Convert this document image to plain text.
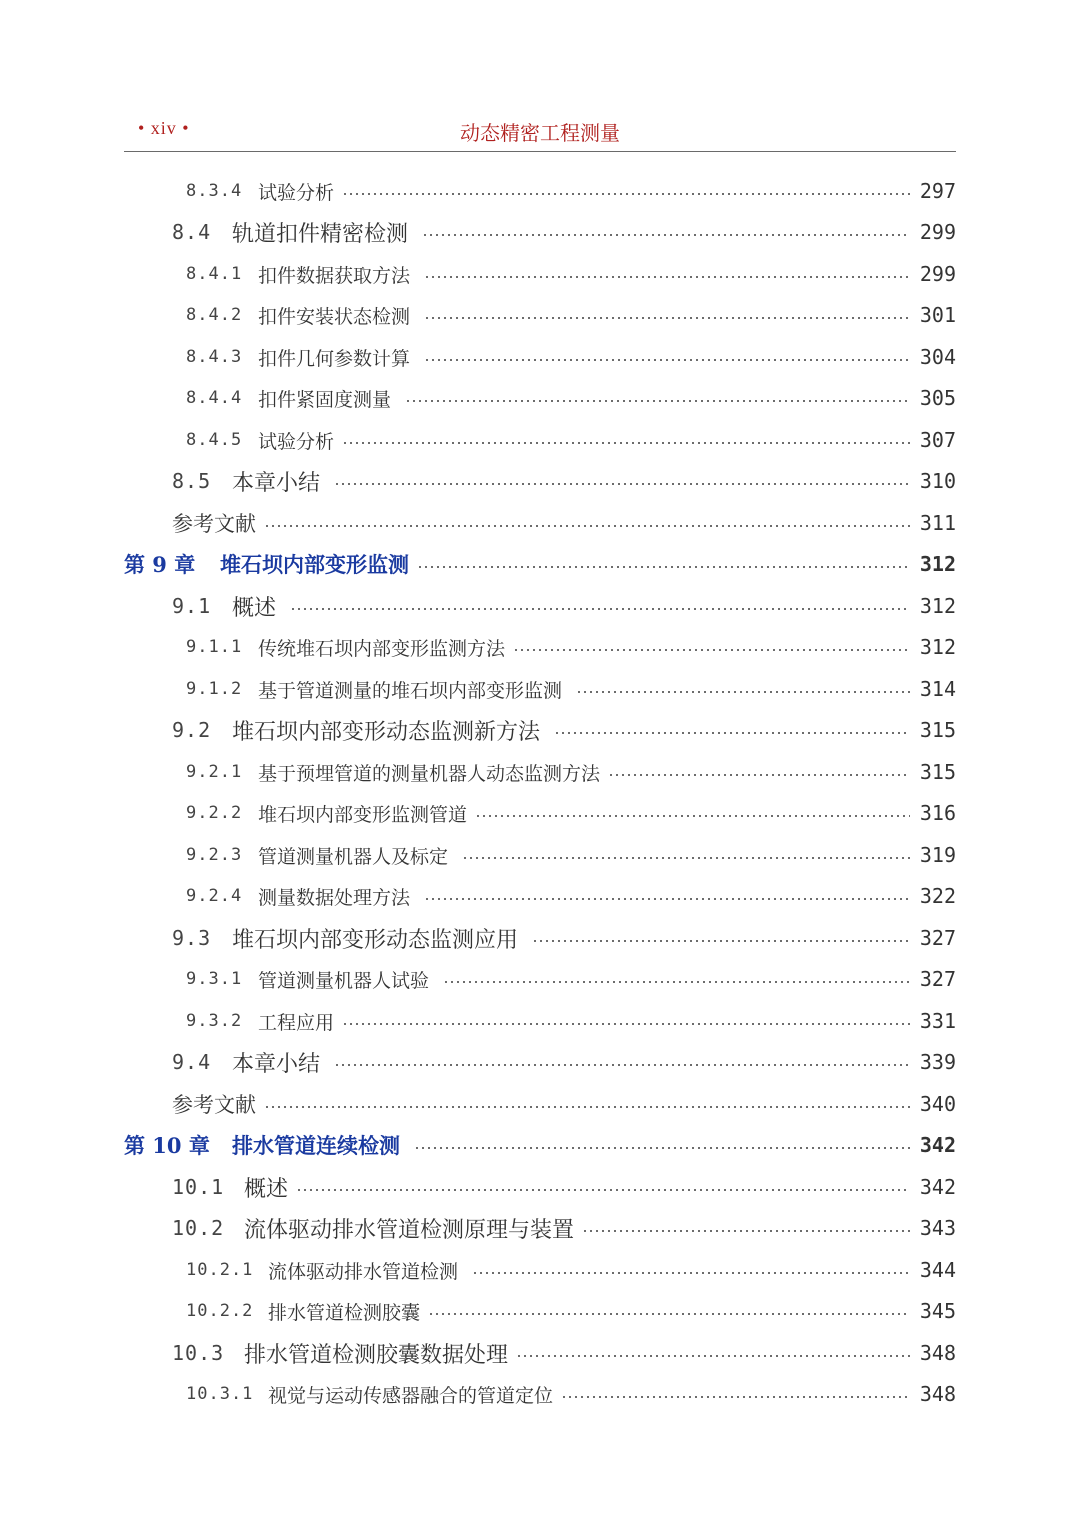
• xiv •	动态精密工程测量
8.3.4 试验分析	297
8.4 轨道扣件精密检测	299
8.4.1 扣件数据获取方法	299
8.4.2 扣件安装状态检测	301
8.4.3 扣件几何参数计算	304
8.4.4 扣件紧固度测量	305
8.4.5 试验分析	307
8.5 本章小结	310
参考文献	311
第 9 章	堆石坝内部变形监测	312
9.1 概述	312
9.1.1 传统堆石坝内部变形监测方法	312
9.1.2 基于管道测量的堆石坝内部变形监测	314
9.2 堆石坝内部变形动态监测新方法	315
9.2.1 基于预埋管道的测量机器人动态监测方法	315
9.2.2 堆石坝内部变形监测管道	316
9.2.3 管道测量机器人及标定	319
9.2.4 测量数据处理方法	322
9.3 堆石坝内部变形动态监测应用	327
9.3.1 管道测量机器人试验	327
9.3.2 工程应用	331
9.4 本章小结	339
参考文献	340
第 10 章	排水管道连续检测	342
10.1 概述	342
10.2 流体驱动排水管道检测原理与装置	343
10.2.1 流体驱动排水管道检测	344
10.2.2 排水管道检测胶囊	345
10.3 排水管道检测胶囊数据处理	348
10.3.1 视觉与运动传感器融合的管道定位	348
